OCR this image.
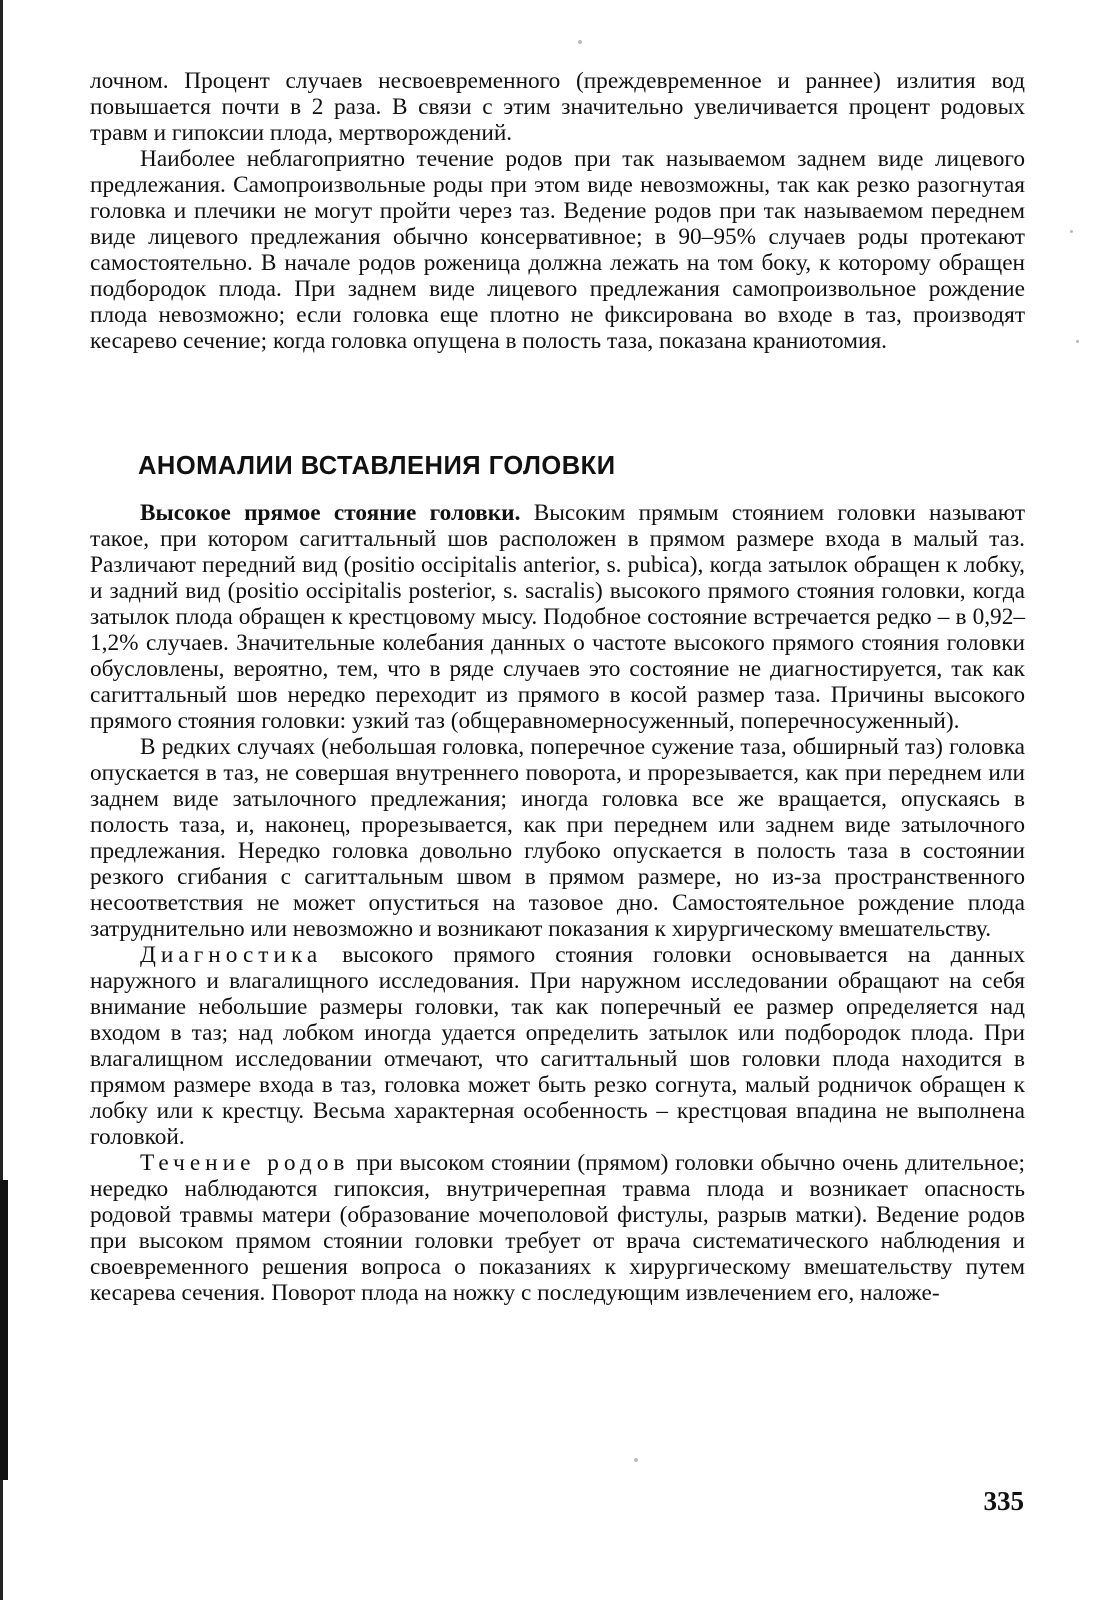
лочном. Процент случаев несвоевременного (преждевременное и раннее) излития вод повышается почти в 2 раза. В связи с этим значительно увеличивается процент родовых травм и гипоксии плода, мертворождений.

Наиболее неблагоприятно течение родов при так называемом заднем виде лицевого предлежания. Самопроизвольные роды при этом виде невозможны, так как резко разогнутая головка и плечики не могут пройти через таз. Ведение родов при так называемом переднем виде лицевого предлежания обычно консервативное; в 90–95% случаев роды протекают самостоятельно. В начале родов роженица должна лежать на том боку, к которому обращен подбородок плода. При заднем виде лицевого предлежания самопроизвольное рождение плода невозможно; если головка еще плотно не фиксирована во входе в таз, производят кесарево сечение; когда головка опущена в полость таза, показана краниотомия.

АНОМАЛИИ ВСТАВЛЕНИЯ ГОЛОВКИ

Высокое прямое стояние головки. Высоким прямым стоянием головки называют такое, при котором сагиттальный шов расположен в прямом размере входа в малый таз. Различают передний вид (positio occipitalis anterior, s. pubica), когда затылок обращен к лобку, и задний вид (positio occipitalis posterior, s. sacralis) высокого прямого стояния головки, когда затылок плода обращен к крестцовому мысу. Подобное состояние встречается редко – в 0,92–1,2% случаев. Значительные колебания данных о частоте высокого прямого стояния головки обусловлены, вероятно, тем, что в ряде случаев это состояние не диагностируется, так как сагиттальный шов нередко переходит из прямого в косой размер таза. Причины высокого прямого стояния головки: узкий таз (общеравномерносуженный, поперечносуженный).

В редких случаях (небольшая головка, поперечное сужение таза, обширный таз) головка опускается в таз, не совершая внутреннего поворота, и прорезывается, как при переднем или заднем виде затылочного предлежания; иногда головка все же вращается, опускаясь в полость таза, и, наконец, прорезывается, как при переднем или заднем виде затылочного предлежания. Нередко головка довольно глубоко опускается в полость таза в состоянии резкого сгибания с сагиттальным швом в прямом размере, но из-за пространственного несоответствия не может опуститься на тазовое дно. Самостоятельное рождение плода затруднительно или невозможно и возникают показания к хирургическому вмешательству.

Диагностика высокого прямого стояния головки основывается на данных наружного и влагалищного исследования. При наружном исследовании обращают на себя внимание небольшие размеры головки, так как поперечный ее размер определяется над входом в таз; над лобком иногда удается определить затылок или подбородок плода. При влагалищном исследовании отмечают, что сагиттальный шов головки плода находится в прямом размере входа в таз, головка может быть резко согнута, малый родничок обращен к лобку или к крестцу. Весьма характерная особенность – крестцовая впадина не выполнена головкой.

Течение родов при высоком стоянии (прямом) головки обычно очень длительное; нередко наблюдаются гипоксия, внутричерепная травма плода и возникает опасность родовой травмы матери (образование мочеполовой фистулы, разрыв матки). Ведение родов при высоком прямом стоянии головки требует от врача систематического наблюдения и своевременного решения вопроса о показаниях к хирургическому вмешательству путем кесарева сечения. Поворот плода на ножку с последующим извлечением его, наложе-

335
